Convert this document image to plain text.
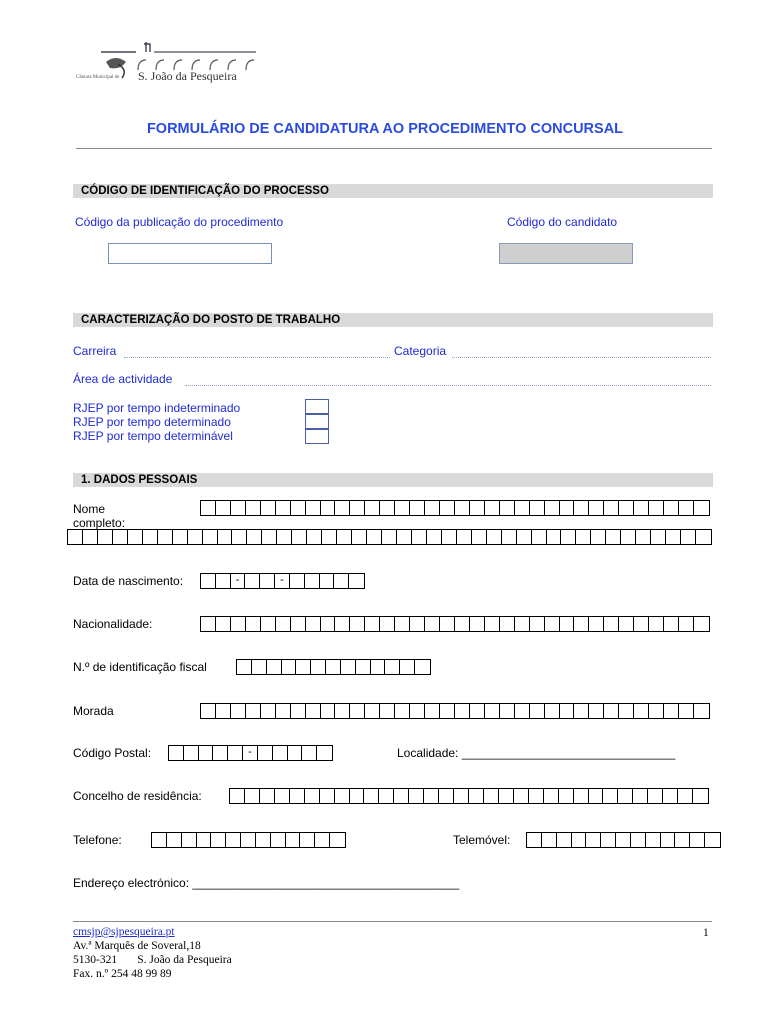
Câmara Municipal de S. João da Pesqueira
FORMULÁRIO DE CANDIDATURA AO PROCEDIMENTO CONCURSAL
CÓDIGO DE IDENTIFICAÇÃO DO PROCESSO
Código da publicação do procedimento	Código do candidato
CARACTERIZAÇÃO DO POSTO DE TRABALHO
Carreira	Categoria
Área de actividade
RJEP por tempo indeterminado
RJEP por tempo determinado
RJEP por tempo determinável
1. DADOS PESSOAIS
Nome
completo:
Data de nascimento:	-	-
Nacionalidade:
N.º de identificação fiscal
Morada
Código Postal:	-	Localidade: ________________________________
Concelho de residência:
Telefone:	Telemóvel:
Endereço electrónico: ________________________________________
cmsjp@sjpesqueira.pt
Av.ª Marquês de Soveral,18
5130-321       S. João da Pesqueira
Fax. n.º 254 48 99 89
1
